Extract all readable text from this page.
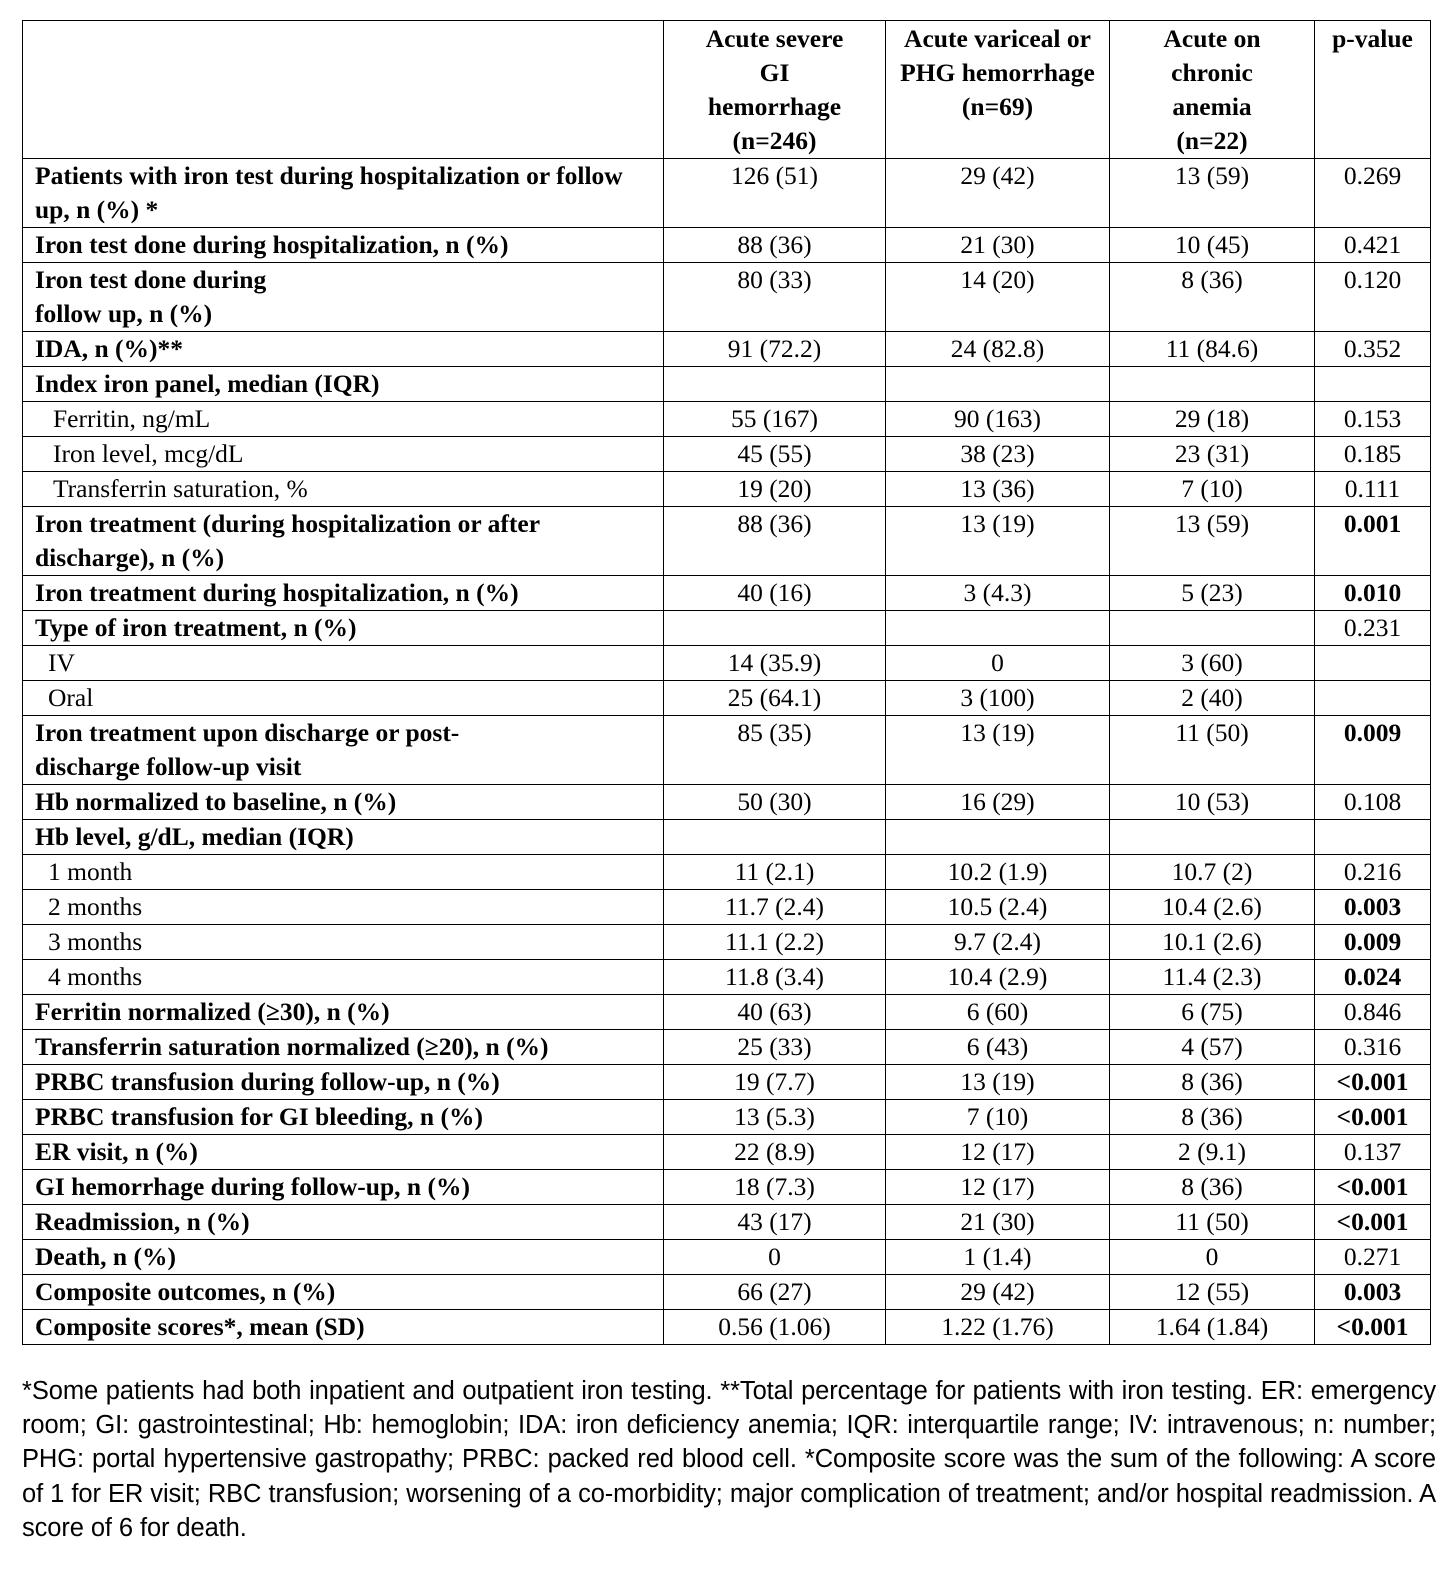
	Acute severe GI hemorrhage (n=246)	Acute variceal or PHG hemorrhage (n=69)	Acute on chronic anemia (n=22)	p-value
Patients with iron test during hospitalization or follow up, n (%) *	126 (51)	29 (42)	13 (59)	0.269
Iron test done during hospitalization, n (%)	88 (36)	21 (30)	10 (45)	0.421
Iron test done during
follow up, n (%)	80 (33)	14 (20)	8 (36)	0.120
IDA, n (%)**	91 (72.2)	24 (82.8)	11 (84.6)	0.352
Index iron panel, median (IQR)				
Ferritin, ng/mL	55 (167)	90 (163)	29 (18)	0.153
Iron level, mcg/dL	45 (55)	38 (23)	23 (31)	0.185
Transferrin saturation, %	19 (20)	13 (36)	7 (10)	0.111
Iron treatment (during hospitalization or after discharge), n (%)	88 (36)	13 (19)	13 (59)	0.001
Iron treatment during hospitalization, n (%)	40 (16)	3 (4.3)	5 (23)	0.010
Type of iron treatment, n (%)				0.231
IV	14 (35.9)	0	3 (60)	
Oral	25 (64.1)	3 (100)	2 (40)	
Iron treatment upon discharge or post-
discharge follow-up visit	85 (35)	13 (19)	11 (50)	0.009
Hb normalized to baseline, n (%)	50 (30)	16 (29)	10 (53)	0.108
Hb level, g/dL, median (IQR)				
1 month	11 (2.1)	10.2 (1.9)	10.7 (2)	0.216
2 months	11.7 (2.4)	10.5 (2.4)	10.4 (2.6)	0.003
3 months	11.1 (2.2)	9.7 (2.4)	10.1 (2.6)	0.009
4 months	11.8 (3.4)	10.4 (2.9)	11.4 (2.3)	0.024
Ferritin normalized (≥30), n (%)	40 (63)	6 (60)	6 (75)	0.846
Transferrin saturation normalized (≥20), n (%)	25 (33)	6 (43)	4 (57)	0.316
PRBC transfusion during follow-up, n (%)	19 (7.7)	13 (19)	8 (36)	<0.001
PRBC transfusion for GI bleeding, n (%)	13 (5.3)	7 (10)	8 (36)	<0.001
ER visit, n (%)	22 (8.9)	12 (17)	2 (9.1)	0.137
GI hemorrhage during follow-up, n (%)	18 (7.3)	12 (17)	8 (36)	<0.001
Readmission, n (%)	43 (17)	21 (30)	11 (50)	<0.001
Death, n (%)	0	1 (1.4)	0	0.271
Composite outcomes, n (%)	66 (27)	29 (42)	12 (55)	0.003
Composite scores*, mean (SD)	0.56 (1.06)	1.22 (1.76)	1.64 (1.84)	<0.001
*Some patients had both inpatient and outpatient iron testing. **Total percentage for patients with iron testing. ER: emergency room; GI: gastrointestinal; Hb: hemoglobin; IDA: iron deficiency anemia; IQR: interquartile range; IV: intravenous; n: number; PHG: portal hypertensive gastropathy; PRBC: packed red blood cell. *Composite score was the sum of the following: A score of 1 for ER visit; RBC transfusion; worsening of a co-morbidity; major complication of treatment; and/or hospital readmission. A score of 6 for death.
